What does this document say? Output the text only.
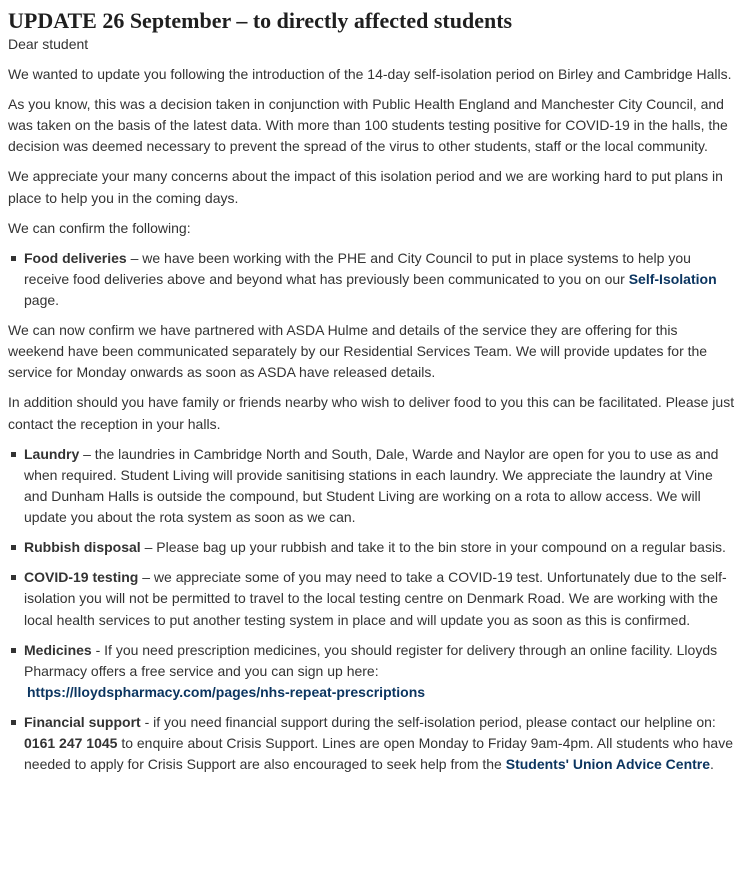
UPDATE 26 September – to directly affected students

Dear student

We wanted to update you following the introduction of the 14-day self-isolation period on Birley and Cambridge Halls.

As you know, this was a decision taken in conjunction with Public Health England and Manchester City Council, and was taken on the basis of the latest data. With more than 100 students testing positive for COVID-19 in the halls, the decision was deemed necessary to prevent the spread of the virus to other students, staff or the local community.

We appreciate your many concerns about the impact of this isolation period and we are working hard to put plans in place to help you in the coming days.

We can confirm the following:

Food deliveries – we have been working with the PHE and City Council to put in place systems to help you receive food deliveries above and beyond what has previously been communicated to you on our Self-Isolation page.

We can now confirm we have partnered with ASDA Hulme and details of the service they are offering for this weekend have been communicated separately by our Residential Services Team. We will provide updates for the service for Monday onwards as soon as ASDA have released details.

In addition should you have family or friends nearby who wish to deliver food to you this can be facilitated. Please just contact the reception in your halls.

Laundry – the laundries in Cambridge North and South, Dale, Warde and Naylor are open for you to use as and when required. Student Living will provide sanitising stations in each laundry. We appreciate the laundry at Vine and Dunham Halls is outside the compound, but Student Living are working on a rota to allow access. We will update you about the rota system as soon as we can.
Rubbish disposal – Please bag up your rubbish and take it to the bin store in your compound on a regular basis.
COVID-19 testing – we appreciate some of you may need to take a COVID-19 test. Unfortunately due to the self-isolation you will not be permitted to travel to the local testing centre on Denmark Road. We are working with the local health services to put another testing system in place and will update you as soon as this is confirmed.
Medicines - If you need prescription medicines, you should register for delivery through an online facility. Lloyds Pharmacy offers a free service and you can sign up here:
https://lloydspharmacy.com/pages/nhs-repeat-prescriptions
Financial support - if you need financial support during the self-isolation period, please contact our helpline on: 0161 247 1045 to enquire about Crisis Support. Lines are open Monday to Friday 9am-4pm. All students who have needed to apply for Crisis Support are also encouraged to seek help from the Students' Union Advice Centre.
